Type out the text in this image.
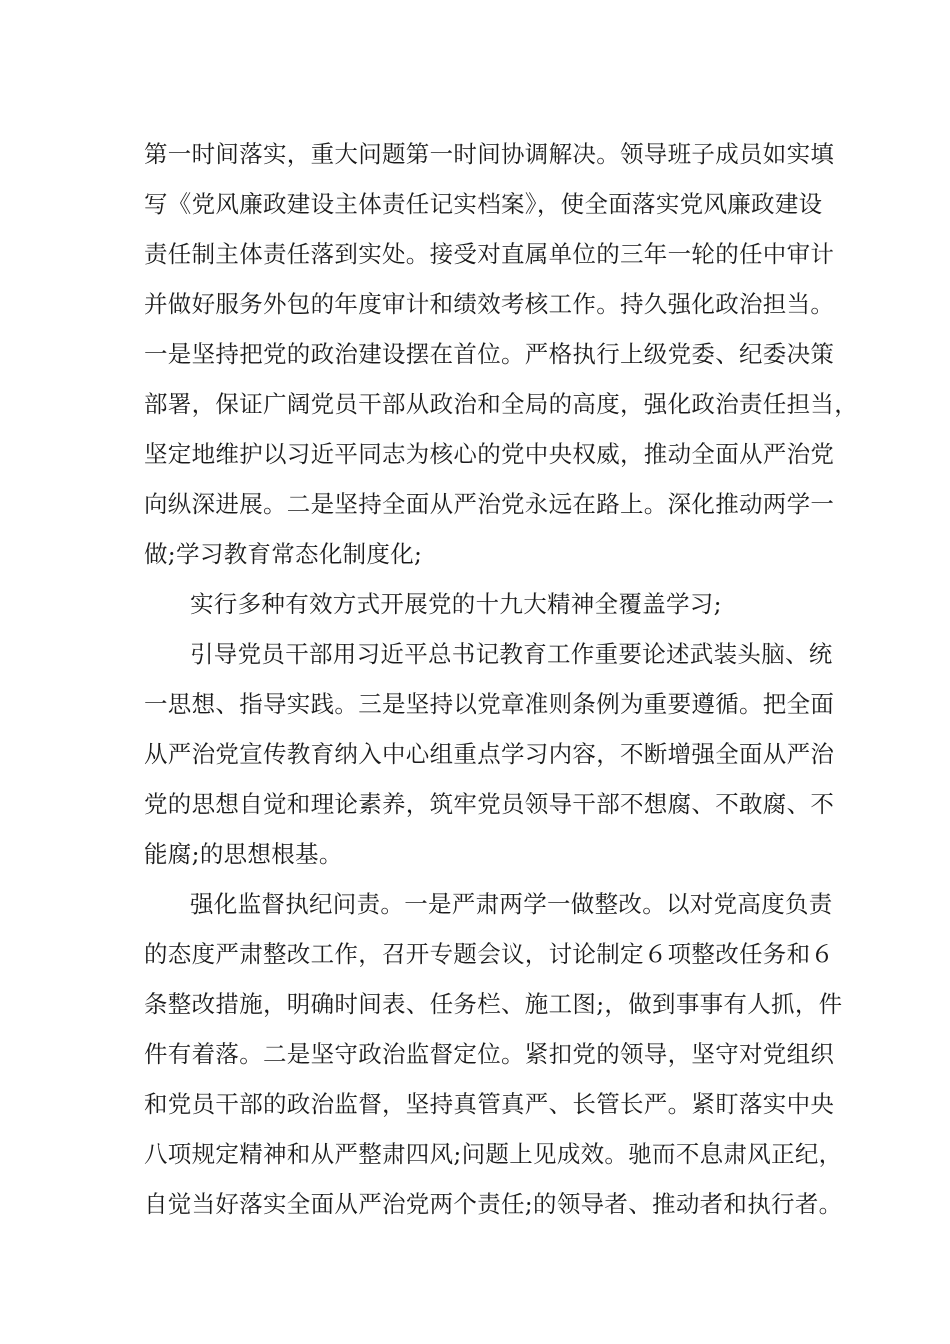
第一时间落实，重大问题第一时间协调解决。领导班子成员如实填
写《党风廉政建设主体责任记实档案》，使全面落实党风廉政建设
责任制主体责任落到实处。接受对直属单位的三年一轮的任中审计
并做好服务外包的年度审计和绩效考核工作。持久强化政治担当。
一是坚持把党的政治建设摆在首位。严格执行上级党委、纪委决策
部署，保证广阔党员干部从政治和全局的高度，强化政治责任担当，
坚定地维护以习近平同志为核心的党中央权威，推动全面从严治党
向纵深进展。二是坚持全面从严治党永远在路上。深化推动两学一
做;学习教育常态化制度化;
实行多种有效方式开展党的十九大精神全覆盖学习;
引导党员干部用习近平总书记教育工作重要论述武装头脑、统
一思想、指导实践。三是坚持以党章准则条例为重要遵循。把全面
从严治党宣传教育纳入中心组重点学习内容，不断增强全面从严治
党的思想自觉和理论素养，筑牢党员领导干部不想腐、不敢腐、不
能腐;的思想根基。
强化监督执纪问责。一是严肃两学一做整改。以对党高度负责
的态度严肃整改工作，召开专题会议，讨论制定６项整改任务和６
条整改措施，明确时间表、任务栏、施工图;，做到事事有人抓，件
件有着落。二是坚守政治监督定位。紧扣党的领导，坚守对党组织
和党员干部的政治监督，坚持真管真严、长管长严。紧盯落实中央
八项规定精神和从严整肃四风;问题上见成效。驰而不息肃风正纪，
自觉当好落实全面从严治党两个责任;的领导者、推动者和执行者。
